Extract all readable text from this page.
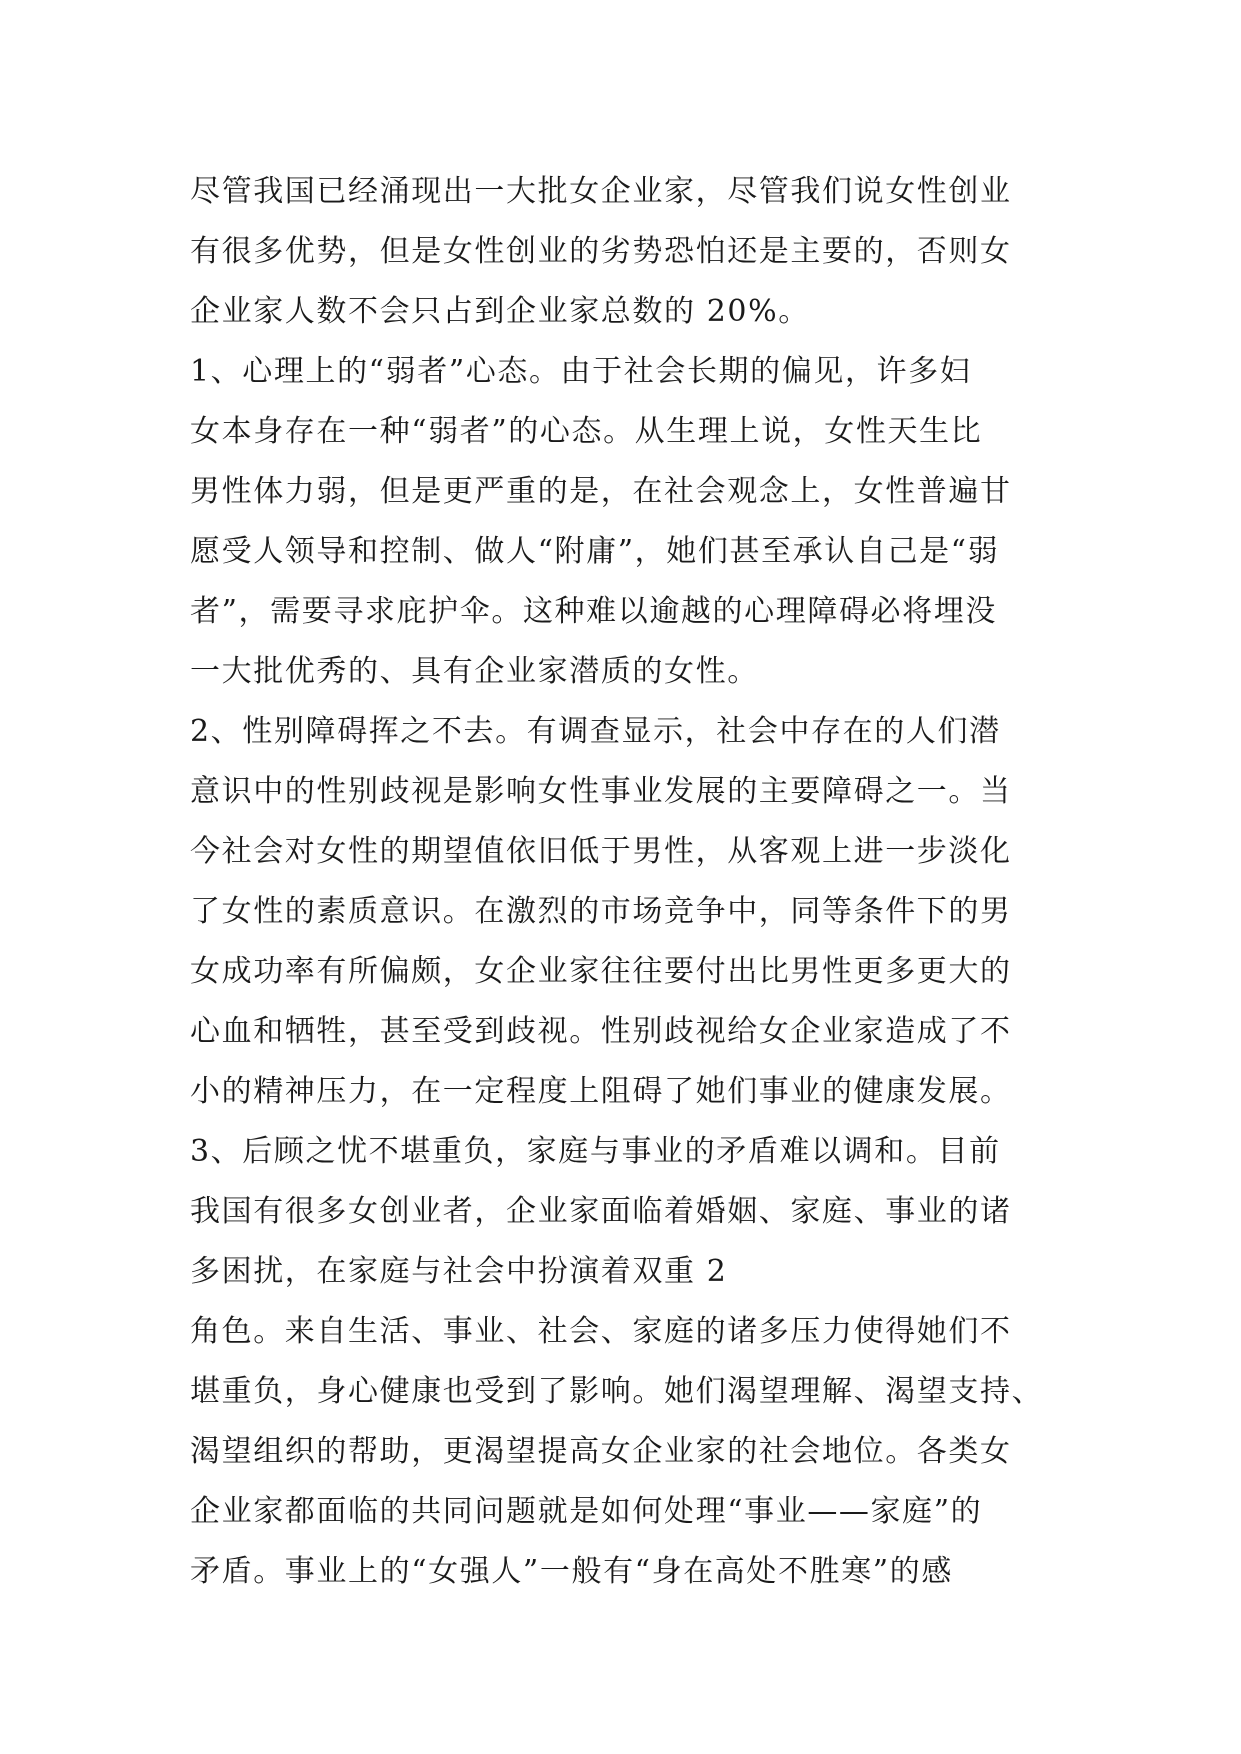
尽管我国已经涌现出一大批女企业家，尽管我们说女性创业
有很多优势，但是女性创业的劣势恐怕还是主要的，否则女
企业家人数不会只占到企业家总数的 20%。
1、心理上的“弱者”心态。由于社会长期的偏见，许多妇
女本身存在一种“弱者”的心态。从生理上说，女性天生比
男性体力弱，但是更严重的是，在社会观念上，女性普遍甘
愿受人领导和控制、做人“附庸”，她们甚至承认自己是“弱
者”，需要寻求庇护伞。这种难以逾越的心理障碍必将埋没
一大批优秀的、具有企业家潜质的女性。
2、性别障碍挥之不去。有调查显示，社会中存在的人们潜
意识中的性别歧视是影响女性事业发展的主要障碍之一。当
今社会对女性的期望值依旧低于男性，从客观上进一步淡化
了女性的素质意识。在激烈的市场竞争中，同等条件下的男
女成功率有所偏颇，女企业家往往要付出比男性更多更大的
心血和牺牲，甚至受到歧视。性别歧视给女企业家造成了不
小的精神压力，在一定程度上阻碍了她们事业的健康发展。
3、后顾之忧不堪重负，家庭与事业的矛盾难以调和。目前
我国有很多女创业者，企业家面临着婚姻、家庭、事业的诸
多困扰，在家庭与社会中扮演着双重 2
角色。来自生活、事业、社会、家庭的诸多压力使得她们不
堪重负，身心健康也受到了影响。她们渴望理解、渴望支持、
渴望组织的帮助，更渴望提高女企业家的社会地位。各类女
企业家都面临的共同问题就是如何处理“事业——家庭”的
矛盾。事业上的“女强人”一般有“身在高处不胜寒”的感
